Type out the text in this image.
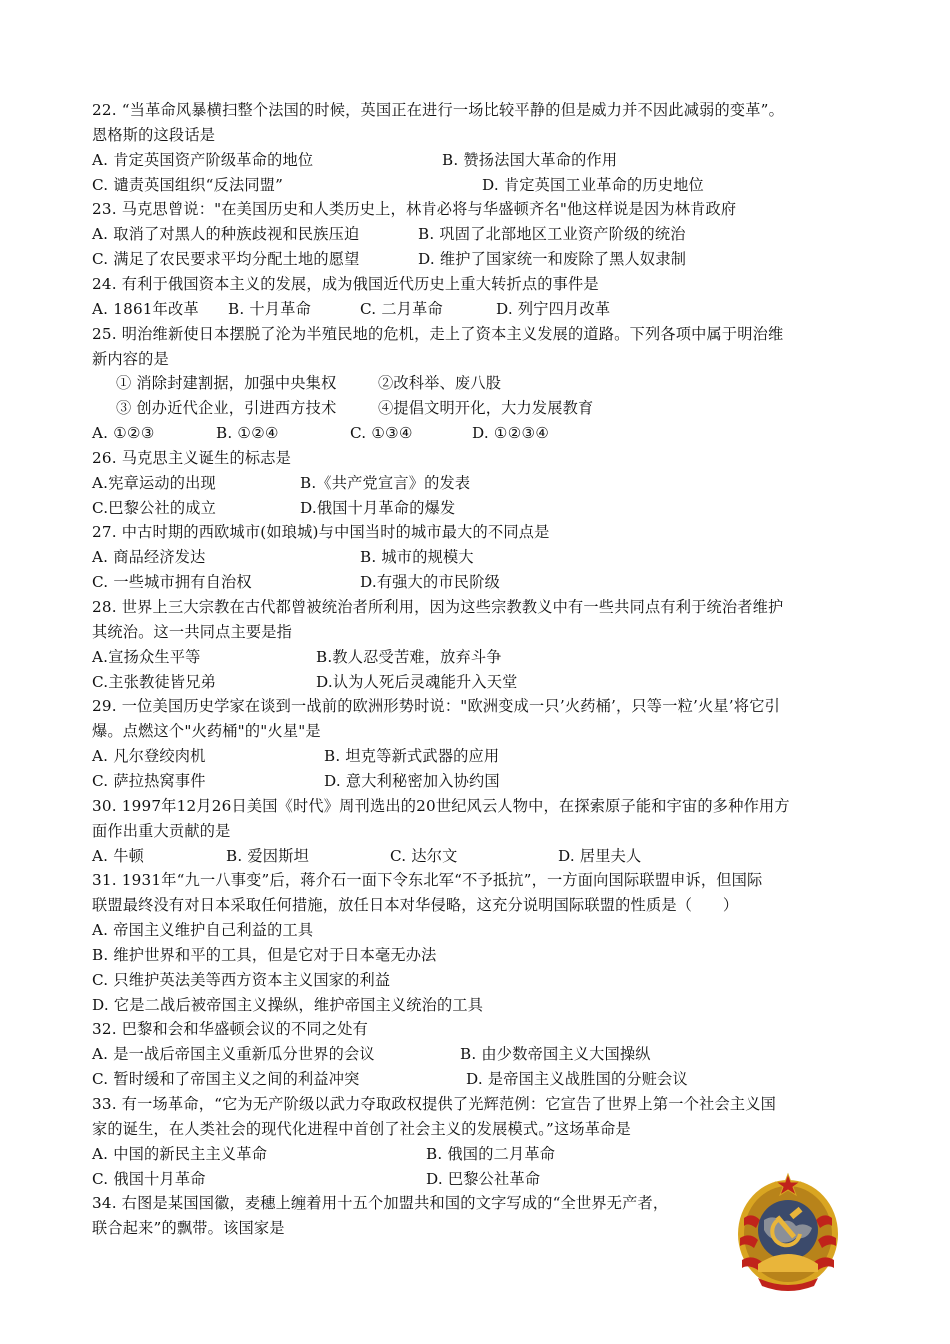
22. “当革命风暴横扫整个法国的时候，英国正在进行一场比较平静的但是威力并不因此减弱的变革”。
恩格斯的这段话是
A. 肯定英国资产阶级革命的地位	B. 赞扬法国大革命的作用
C. 谴责英国组织“反法同盟”	D. 肯定英国工业革命的历史地位
23. 马克思曾说："在美国历史和人类历史上，林肯必将与华盛顿齐名"他这样说是因为林肯政府
A. 取消了对黑人的种族歧视和民族压迫	B. 巩固了北部地区工业资产阶级的统治
C. 满足了农民要求平均分配土地的愿望	D. 维护了国家统一和废除了黑人奴隶制
24. 有利于俄国资本主义的发展，成为俄国近代历史上重大转折点的事件是
A. 1861年改革 B. 十月革命	C. 二月革命	D. 列宁四月改革
25. 明治维新使日本摆脱了沦为半殖民地的危机，走上了资本主义发展的道路。下列各项中属于明治维
新内容的是
① 消除封建割据，加强中央集权	②改科举、废八股
③ 创办近代企业，引进西方技术	④提倡文明开化，大力发展教育
A. ①②③	B. ①②④	C. ①③④	D. ①②③④
26. 马克思主义诞生的标志是
A.宪章运动的出现	B.《共产党宣言》的发表
C.巴黎公社的成立	D.俄国十月革命的爆发
27. 中古时期的西欧城市(如琅城)与中国当时的城市最大的不同点是
A. 商品经济发达	B. 城市的规模大
C. 一些城市拥有自治权	D.有强大的市民阶级
28. 世界上三大宗教在古代都曾被统治者所利用，因为这些宗教教义中有一些共同点有利于统治者维护
其统治。这一共同点主要是指
A.宣扬众生平等	B.教人忍受苦难，放弃斗争
C.主张教徒皆兄弟	D.认为人死后灵魂能升入天堂
29. 一位美国历史学家在谈到一战前的欧洲形势时说："欧洲变成一只’火药桶’，只等一粒’火星’将它引
爆。点燃这个"火药桶"的"火星"是
A. 凡尔登绞肉机	B. 坦克等新式武器的应用
C. 萨拉热窝事件	D. 意大利秘密加入协约国
30. 1997年12月26日美国《时代》周刊选出的20世纪风云人物中，在探索原子能和宇宙的多种作用方
面作出重大贡献的是
A. 牛顿	B. 爱因斯坦	C. 达尔文	D. 居里夫人
31. 1931年“九一八事变”后，蒋介石一面下令东北军“不予抵抗”，一方面向国际联盟申诉，但国际
联盟最终没有对日本采取任何措施，放任日本对华侵略，这充分说明国际联盟的性质是（　　）
A. 帝国主义维护自己利益的工具
B. 维护世界和平的工具，但是它对于日本毫无办法
C. 只维护英法美等西方资本主义国家的利益
D. 它是二战后被帝国主义操纵，维护帝国主义统治的工具
32. 巴黎和会和华盛顿会议的不同之处有
A. 是一战后帝国主义重新瓜分世界的会议	B. 由少数帝国主义大国操纵
C. 暂时缓和了帝国主义之间的利益冲突	D. 是帝国主义战胜国的分赃会议
33. 有一场革命，“它为无产阶级以武力夺取政权提供了光辉范例：它宣告了世界上第一个社会主义国
家的诞生，在人类社会的现代化进程中首创了社会主义的发展模式。”这场革命是
A. 中国的新民主主义革命	B. 俄国的二月革命
C. 俄国十月革命	D. 巴黎公社革命
34. 右图是某国国徽，麦穗上缠着用十五个加盟共和国的文字写成的“全世界无产者，
联合起来”的飘带。该国家是
